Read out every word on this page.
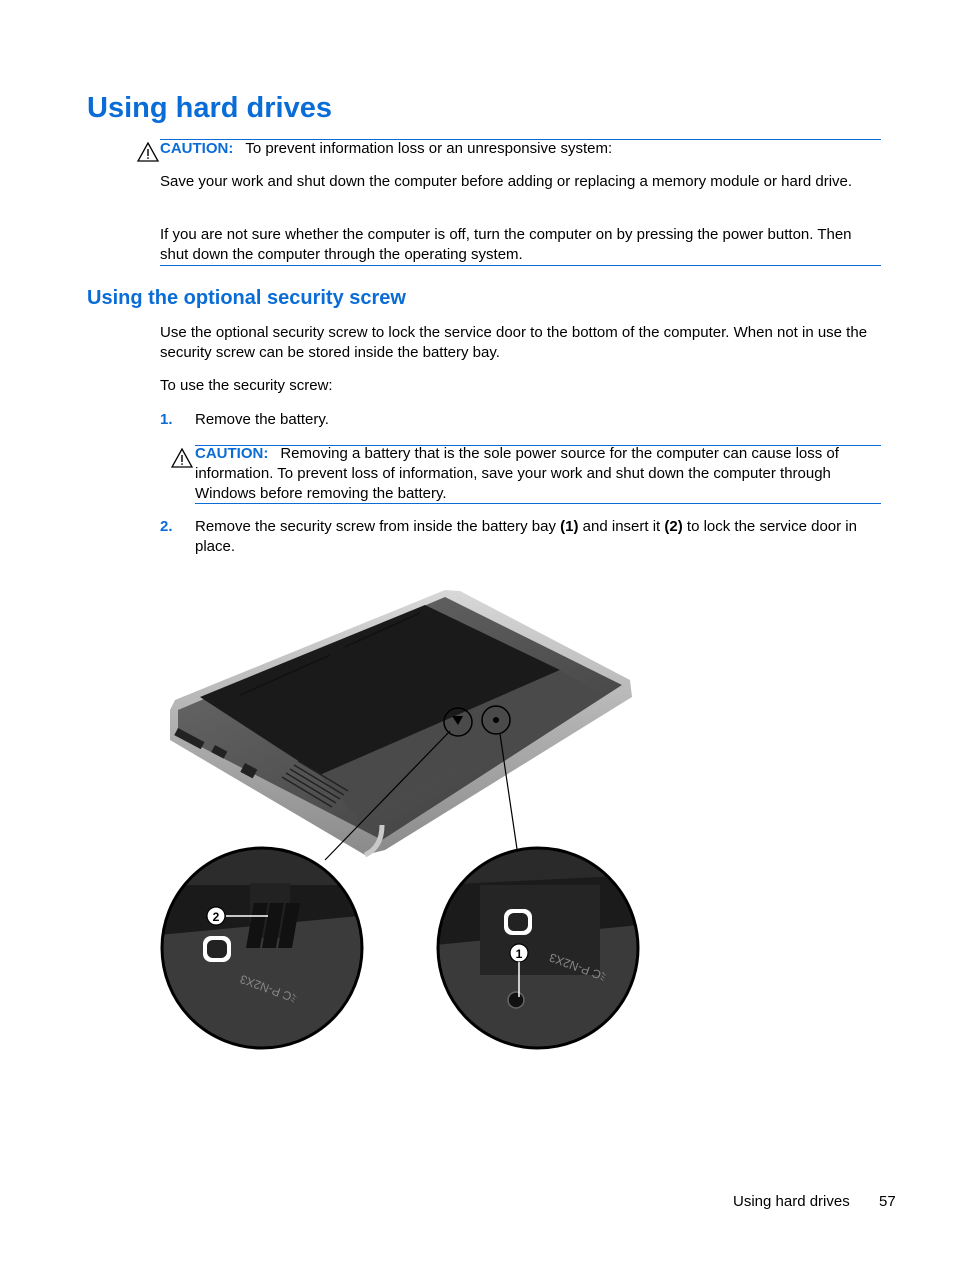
Using hard drives
CAUTION: To prevent information loss or an unresponsive system:

Save your work and shut down the computer before adding or replacing a memory module or hard drive.

If you are not sure whether the computer is off, turn the computer on by pressing the power button. Then shut down the computer through the operating system.

Using the optional security screw

Use the optional security screw to lock the service door to the bottom of the computer. When not in use the security screw can be stored inside the battery bay.

To use the security screw:

1. Remove the battery.

CAUTION: Removing a battery that is the sole power source for the computer can cause loss of information. To prevent loss of information, save your work and shut down the computer through Windows before removing the battery.
2. Remove the security screw from inside the battery bay (1) and insert it (2) to lock the service door in place.

2
ﾐC P-N2X3
1 ﾐC P-N2X3
Using hard drives 57
